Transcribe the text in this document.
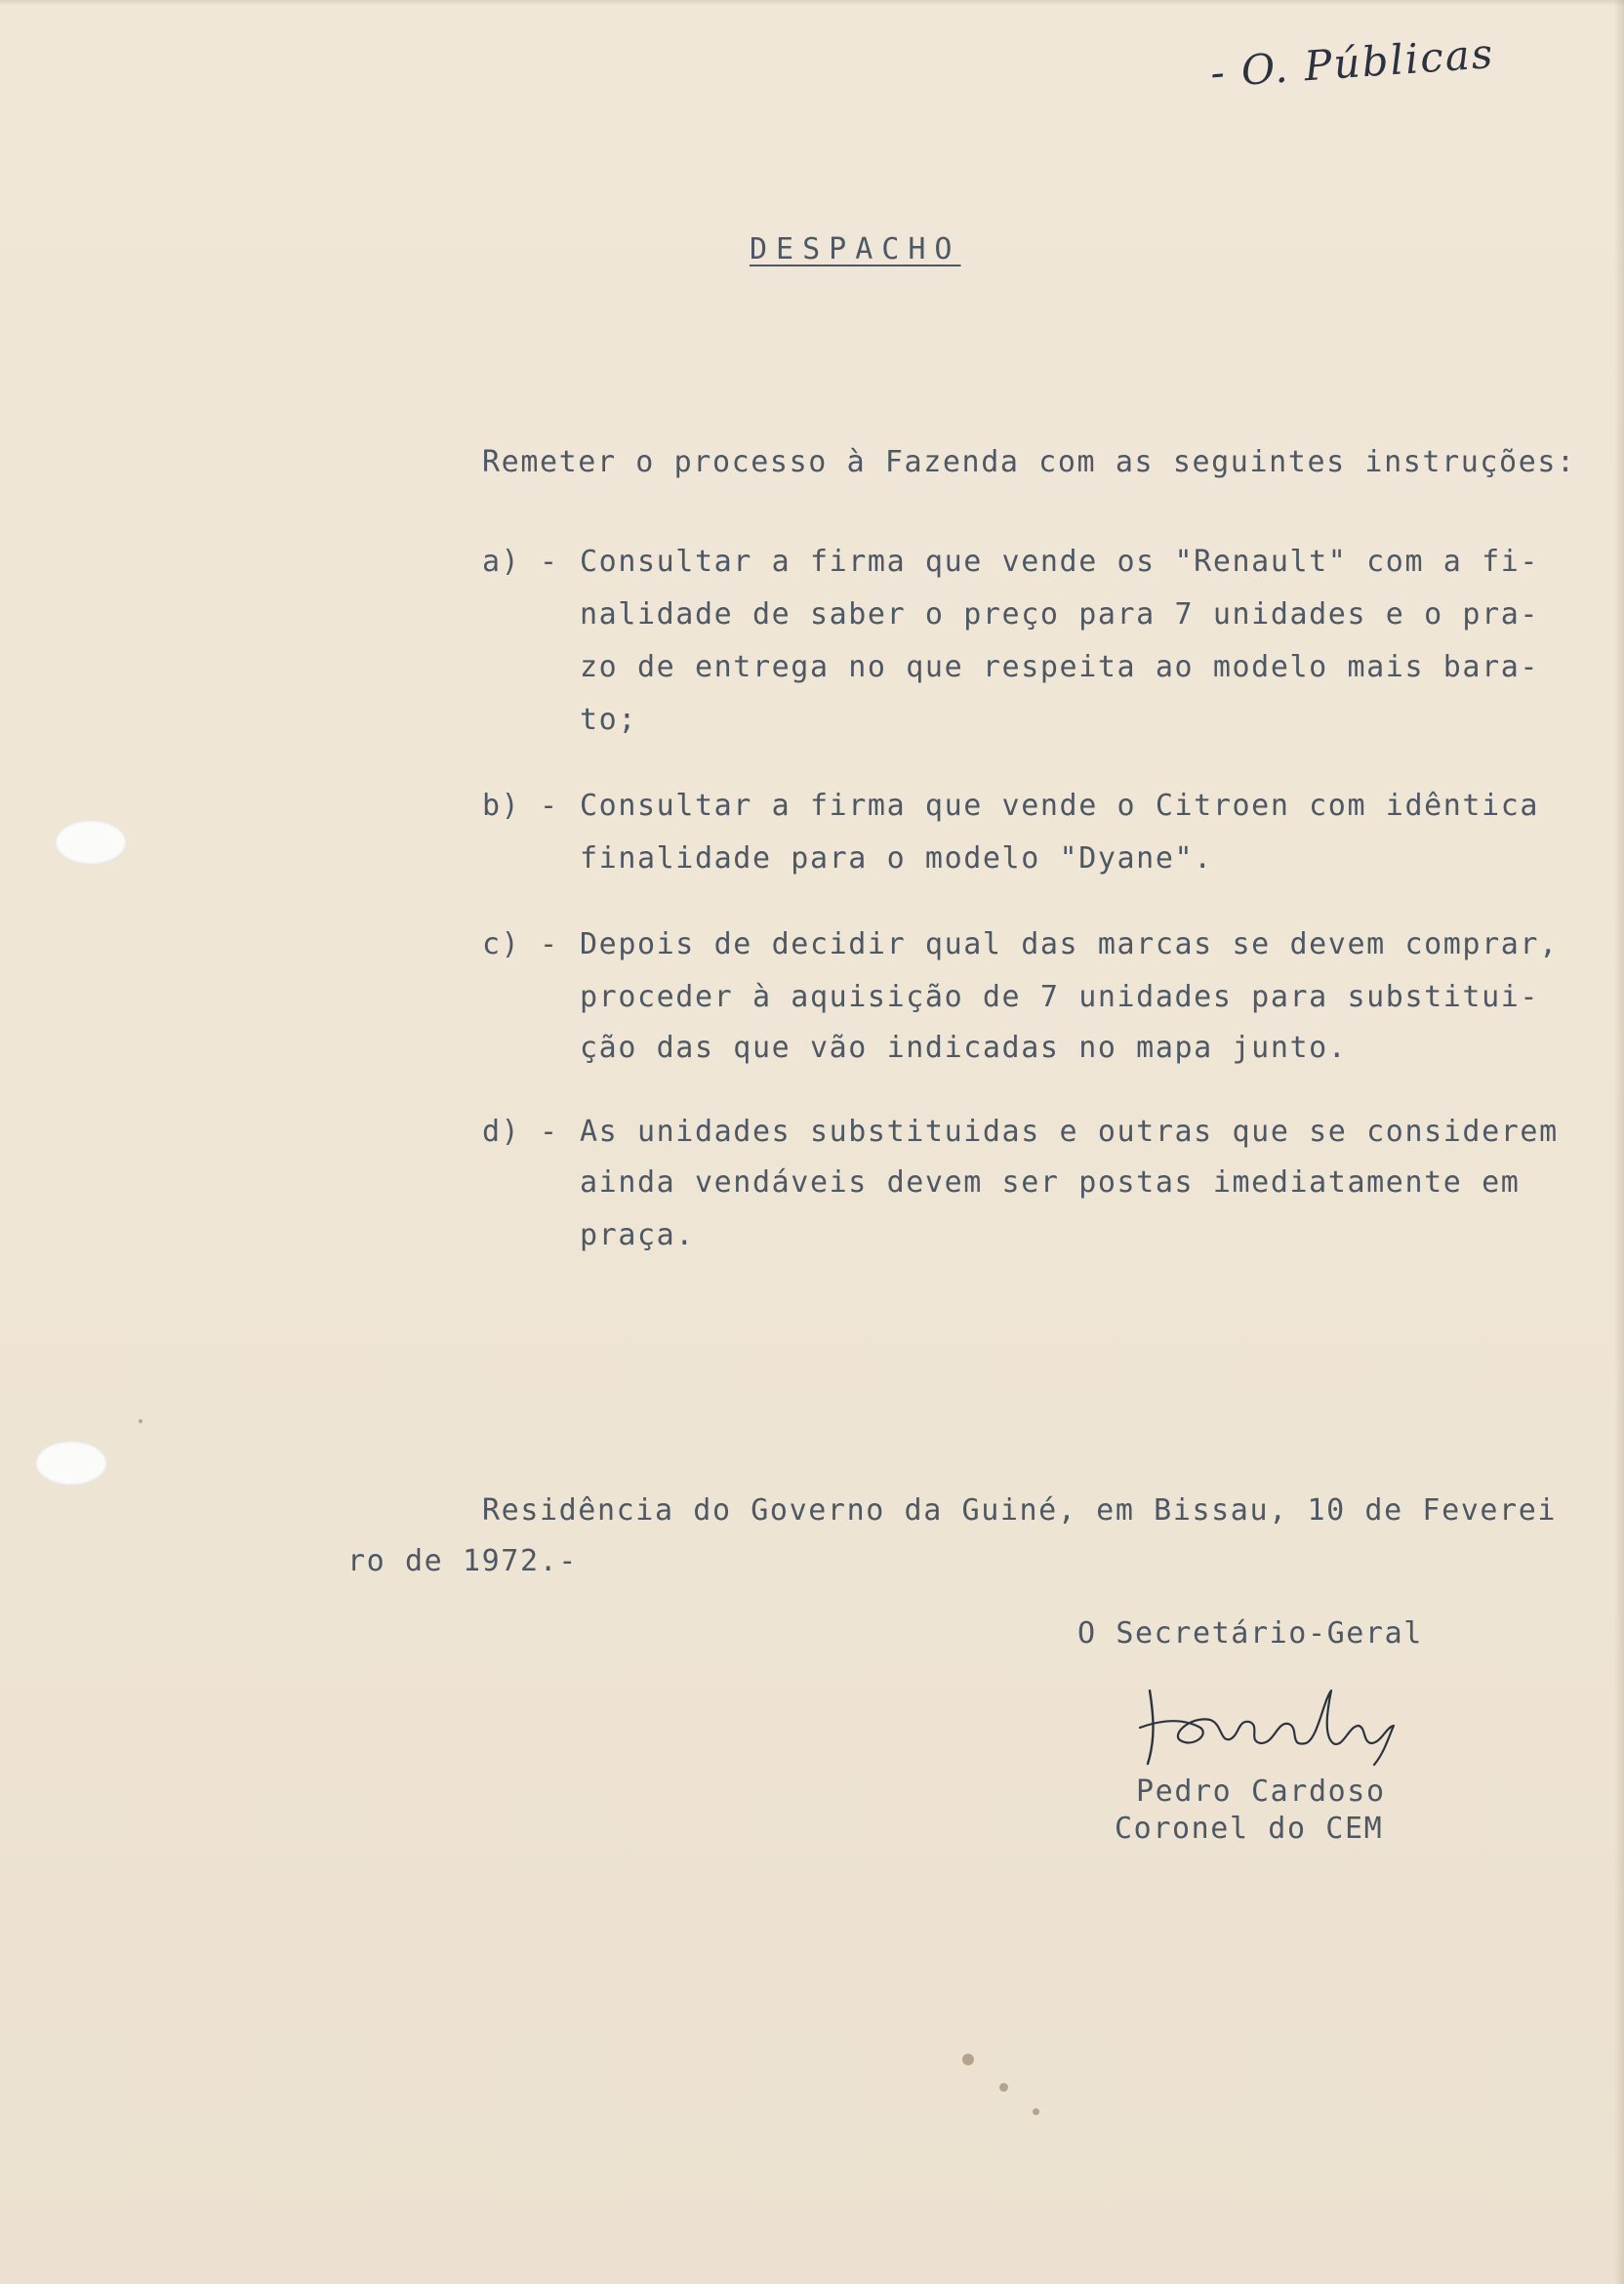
- O. Públicas
DESPACHO
Remeter o processo à Fazenda com as seguintes instruções:
a) - Consultar a firma que vende os "Renault" com a fi-
nalidade de saber o preço para 7 unidades e o pra-
zo de entrega no que respeita ao modelo mais bara-
to;
b) - Consultar a firma que vende o Citroen com idêntica
finalidade para o modelo "Dyane".
c) - Depois de decidir qual das marcas se devem comprar,
proceder à aquisição de 7 unidades para substitui-
ção das que vão indicadas no mapa junto.
d) - As unidades substituidas e outras que se considerem
ainda vendáveis devem ser postas imediatamente em
praça.
Residência do Governo da Guiné, em Bissau, 10 de Feverei
ro de 1972.-
O Secretário-Geral
Pedro Cardoso
Coronel do CEM
